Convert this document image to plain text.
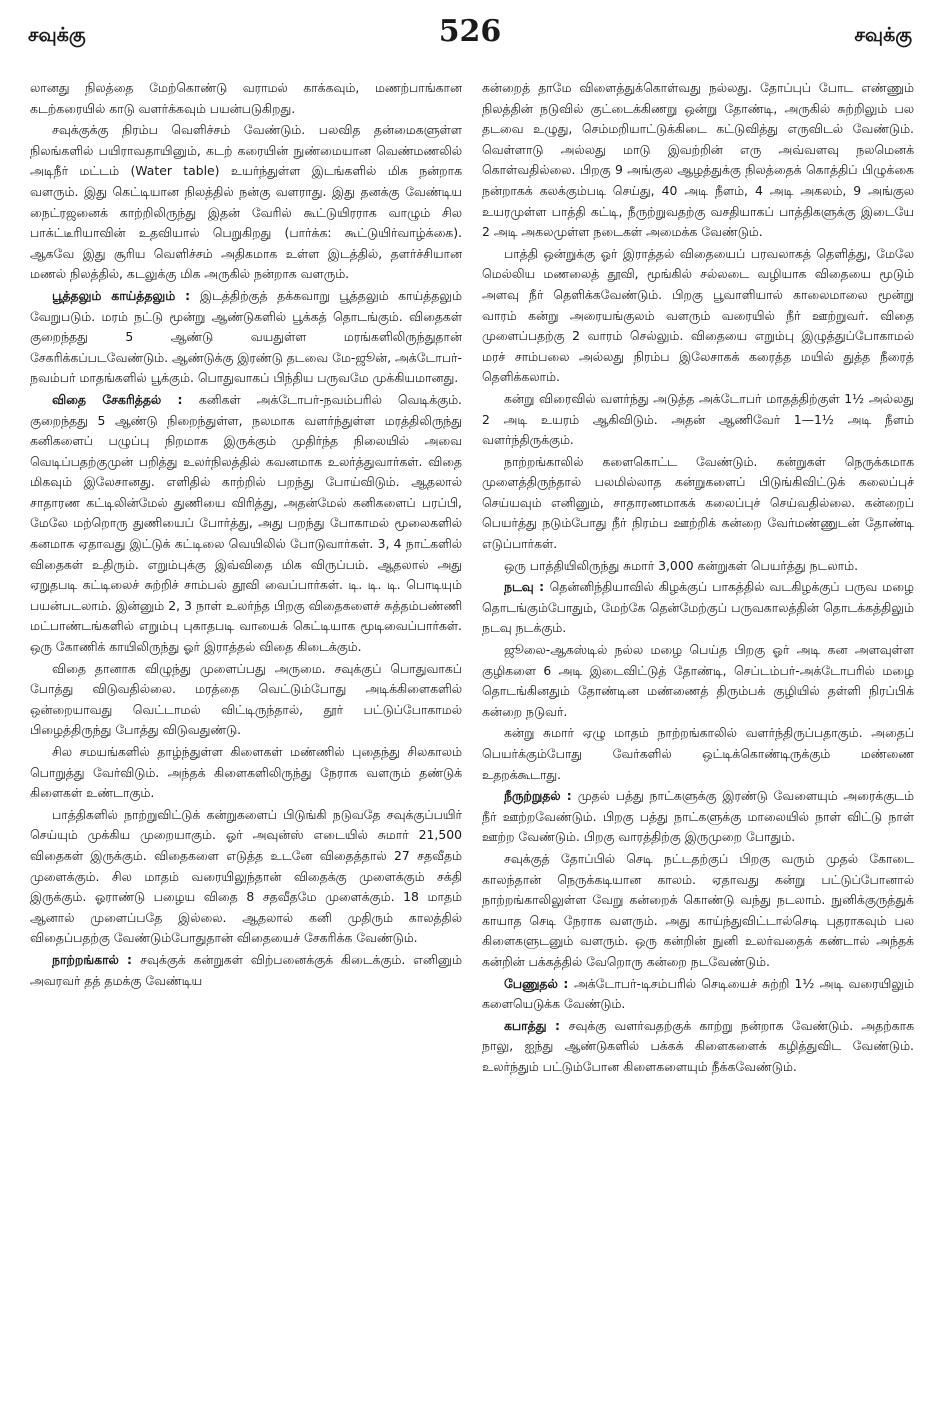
சவுக்கு	526	சவுக்கு

லானது நிலத்தை மேற்கொண்டு வராமல் காக்கவும், மணற்பாங்கான கடற்கரையில் காடு வளர்க்கவும் பயன்படுகிறது.

சவுக்குக்கு நிரம்ப வெளிச்சம் வேண்டும். பலவித தன்மைகளுள்ள நிலங்களில் பயிராவதாயினும், கடற் கரையின் நுண்மையான வெண்மணலில் அடிநீர் மட்டம் (Water table) உயர்ந்துள்ள இடங்களில் மிக நன்றாக வளரும். இது கெட்டியான நிலத்தில் நன்கு வளராது. இது தனக்கு வேண்டிய நைட்ரஜனைக் காற்றிலிருந்து இதன் வேரில் கூட்டுயிரராக வாழும் சில பாக்ட்டீரியாவின் உதவியால் பெறுகிறது (பார்க்க: கூட்டுயிர்வாழ்க்கை). ஆகவே இது சூரிய வெளிச்சம் அதிகமாக உள்ள இடத்தில், தளர்ச்சியான மணல் நிலத்தில், கடலுக்கு மிக அருகில் நன்றாக வளரும்.

பூத்தலும் காய்த்தலும் : இடத்திற்குத் தக்கவாறு பூத்தலும் காய்த்தலும் வேறுபடும். மரம் நட்டு மூன்று ஆண்டுகளில் பூக்கத் தொடங்கும். விதைகள் குறைந்தது 5 ஆண்டு வயதுள்ள மரங்களிலிருந்துதான் சேகரிக்கப்படவேண்டும். ஆண்டுக்கு இரண்டு தடவை மே-ஜூன், அக்டோபர்-நவம்பர் மாதங்களில் பூக்கும். பொதுவாகப் பிந்திய பருவமே முக்கியமானது.

விதை சேகரித்தல் : கனிகள் அக்டோபர்-நவம்பரில் வெடிக்கும். குறைந்தது 5 ஆண்டு நிறைந்துள்ள, நலமாக வளர்ந்துள்ள மரத்திலிருந்து கனிகளைப் பழுப்பு நிறமாக இருக்கும் முதிர்ந்த நிலையில் அவை வெடிப்பதற்குமுன் பறித்து உலர்நிலத்தில் கவனமாக உலர்த்துவார்கள். விதை மிகவும் இலேசானது. எளிதில் காற்றில் பறந்து போய்விடும். ஆதலால் சாதாரண கட்டிலின்மேல் துணியை விரித்து, அதன்மேல் கனிகளைப் பரப்பி, மேலே மற்றொரு துணியைப் போர்த்து, அது பறந்து போகாமல் மூலைகளில் கனமாக ஏதாவது இட்டுக் கட்டிலை வெயிலில் போடுவார்கள். 3, 4 நாட்களில் விதைகள் உதிரும். எறும்புக்கு இவ்விதை மிக விருப்பம். ஆதலால் அது ஏறுதபடி கட்டிலைச் சுற்றிச் சாம்பல் தூவி வைப்பார்கள். டி. டி. டி. பொடியும் பயன்படலாம். இன்னும் 2, 3 நாள் உலர்ந்த பிறகு விதைகளைச் சுத்தம்பண்ணி மட்பாண்டங்களில் எறும்பு புகாதபடி வாயைக் கெட்டியாக மூடிவைப்பார்கள். ஒரு கோணிக் காயிலிருந்து ஓர் இராத்தல் விதை கிடைக்கும்.

விதை தானாக விழுந்து முளைப்பது அருமை. சவுக்குப் பொதுவாகப் போத்து விடுவதில்லை. மரத்தை வெட்டும்போது அடிக்கிளைகளில் ஒன்றையாவது வெட்டாமல் விட்டிருந்தால், தூர் பட்டுப்போகாமல் பிழைத்திருந்து போத்து விடுவதுண்டு.

சில சமயங்களில் தாழ்ந்துள்ள கிளைகள் மண்ணில் புதைந்து சிலகாலம் பொறுத்து வேர்விடும். அந்தக் கிளைகளிலிருந்து நேராக வளரும் தண்டுக் கிளைகள் உண்டாகும்.

பாத்திகளில் நாற்றுவிட்டுக் கன்றுகளைப் பிடுங்கி நடுவதே சவுக்குப்பயிர் செய்யும் முக்கிய முறையாகும். ஓர் அவுன்ஸ் எடையில் சுமார் 21,500 விதைகள் இருக்கும். விதைகளை எடுத்த உடனே விதைத்தால் 27 சதவீதம் முளைக்கும். சில மாதம் வரையிலுந்தான் விதைக்கு முளைக்கும் சக்தி இருக்கும். ஓராண்டு பழைய விதை 8 சதவீதமே முளைக்கும். 18 மாதம் ஆனால் முளைப்பதே இல்லை. ஆதலால் கனி முதிரும் காலத்தில் விதைப்பதற்கு வேண்டும்போதுதான் விதையைச் சேகரிக்க வேண்டும்.

நாற்றங்கால் : சவுக்குக் கன்றுகள் விற்பனைக்குக் கிடைக்கும். எனினும் அவரவர் தத் தமக்கு வேண்டிய

கன்றைத் தாமே விளைத்துக்கொள்வது நல்லது. தோப்புப் போட எண்ணும் நிலத்தின் நடுவில் குட்டைக்கிணறு ஒன்று தோண்டி, அருகில் சுற்றிலும் பல தடவை உழுது, செம்மறியாட்டுக்கிடை கட்டுவித்து எருவிடல் வேண்டும். வெள்ளாடு அல்லது மாடு இவற்றின் எரு அவ்வளவு நலமெனக் கொள்வதில்லை. பிறகு 9 அங்குல ஆழத்துக்கு நிலத்தைக் கொத்திப் பிழுக்கை நன்றாகக் கலக்கும்படி செய்து, 40 அடி நீளம், 4 அடி அகலம், 9 அங்குல உயரமுள்ள பாத்தி கட்டி, நீருற்றுவதற்கு வசதியாகப் பாத்திகளுக்கு இடையே 2 அடி அகலமுள்ள நடைகள் அமைக்க வேண்டும்.

பாத்தி ஒன்றுக்கு ஓர் இராத்தல் விதையைப் பரவலாகத் தெளித்து, மேலே மெல்லிய மணலைத் தூவி, மூங்கில் சல்லடை வழியாக விதையை மூடும் அளவு நீர் தெளிக்கவேண்டும். பிறகு பூவாளியால் காலைமாலை மூன்று வாரம் கன்று அரையங்குலம் வளரும் வரையில் நீர் ஊற்றுவர். விதை முளைப்பதற்கு 2 வாரம் செல்லும். விதையை எறும்பு இழுத்துப்போகாமல் மரச் சாம்பலை அல்லது நிரம்ப இலேசாகக் கரைத்த மயில் துத்த நீரைத் தெளிக்கலாம்.

கன்று விரைவில் வளர்ந்து அடுத்த அக்டோபர் மாதத்திற்குள் 1½ அல்லது 2 அடி உயரம் ஆகிவிடும். அதன் ஆணிவேர் 1—1½ அடி நீளம் வளர்ந்திருக்கும்.

நாற்றங்காலில் களைகொட்ட வேண்டும். கன்றுகள் நெருக்கமாக முளைத்திருந்தால் பலமில்லாத கன்றுகளைப் பிடுங்கிவிட்டுக் கலைப்புச் செய்யவும் எனினும், சாதாரணமாகக் கலைப்புச் செய்வதில்லை. கன்றைப் பெயர்த்து நடும்போது நீர் நிரம்ப ஊற்றிக் கன்றை வேர்மண்ணுடன் தோண்டி எடுப்பார்கள்.

ஒரு பாத்தியிலிருந்து சுமார் 3,000 கன்றுகள் பெயர்த்து நடலாம்.

நடவு : தென்னிந்தியாவில் கிழக்குப் பாகத்தில் வடகிழக்குப் பருவ மழை தொடங்கும்போதும், மேற்கே தென்மேற்குப் பருவகாலத்தின் தொடக்கத்திலும் நடவு நடக்கும்.

ஜூலை-ஆகஸ்டில் நல்ல மழை பெய்த பிறகு ஓர் அடி கன அளவுள்ள குழிகளை 6 அடி இடைவிட்டுத் தோண்டி, செப்டம்பர்-அக்டோபரில் மழை தொடங்கினதும் தோண்டின மண்ணைத் திரும்பக் குழியில் தள்ளி நிரப்பிக் கன்றை நடுவர்.

கன்று சுமார் ஏழு மாதம் நாற்றங்காலில் வளர்ந்திருப்பதாகும். அதைப் பெயர்க்கும்போது வேர்களில் ஒட்டிக்கொண்டிருக்கும் மண்ணை உதறக்கூடாது.

நீருற்றுதல் : முதல் பத்து நாட்களுக்கு இரண்டு வேளையும் அரைக்குடம் நீர் ஊற்றவேண்டும். பிறகு பத்து நாட்களுக்கு மாலையில் நாள் விட்டு நாள் ஊற்ற வேண்டும். பிறகு வாரத்திற்கு இருமுறை போதும்.

சவுக்குத் தோப்பில் செடி நட்டதற்குப் பிறகு வரும் முதல் கோடை காலந்தான் நெருக்கடியான காலம். ஏதாவது கன்று பட்டுப்போனால் நாற்றங்காலிலுள்ள வேறு கன்றைக் கொண்டு வந்து நடலாம். நுனிக்குருத்துக் காயாத செடி நேராக வளரும். அது காய்ந்துவிட்டால்செடி புதராகவும் பல கிளைகளுடனும் வளரும். ஒரு கன்றின் நுனி உலர்வதைக் கண்டால் அந்தக் கன்றின் பக்கத்தில் வேறொரு கன்றை நடவேண்டும்.

பேணுதல் : அக்டோபர்-டிசம்பரில் செடியைச் சுற்றி 1½ அடி வரையிலும் களையெடுக்க வேண்டும்.

கபாத்து : சவுக்கு வளர்வதற்குக் காற்று நன்றாக வேண்டும். அதற்காக நாலு, ஐந்து ஆண்டுகளில் பக்கக் கிளைகளைக் கழித்துவிட வேண்டும். உலர்ந்தும் பட்டும்போன கிளைகளையும் நீக்கவேண்டும்.
